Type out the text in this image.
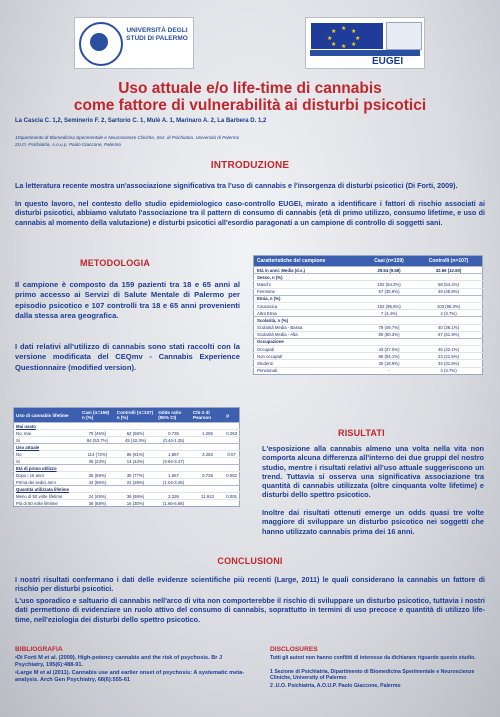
UNIVERSITÀ DEGLI STUDI DI PALERMO
★ ★
★
★
★
★
★
★
EUGEI
Uso attuale e/o life-time di cannabis
come fattore di vulnerabilità ai disturbi psicotici
La Cascia C. 1,2, Seminerio F. 2, Sartorio C. 1, Mulè A. 1, Marinaro A. 2, La Barbera D. 1,2
1Dipartimento di Biomedicina Sperimentale e Neuroscienze Cliniche, Sez. di Psichiatria, Università di Palermo
2U.O. Psichiatria, A.o.u.p. Paolo Giaccone, Palermo
INTRODUZIONE
La letteratura recente mostra un'associazione significativa tra l'uso di cannabis e l'insorgenza di disturbi psicotici (Di Forti, 2009).
In questo lavoro, nel contesto dello studio epidemiologico caso-controllo EUGEI, mirato a identificare i fattori di rischio associati ai disturbi psicotici, abbiamo valutato l'associazione tra il pattern di consumo di cannabis (età di primo utilizzo, consumo lifetime, e uso di cannabis al momento della valutazione) e disturbi psicotici all'esordio paragonati a un campione di controllo di soggetti sani.
METODOLOGIA
Il campione è composto da 159 pazienti tra 18 e 65 anni al primo accesso ai Servizi di Salute Mentale di Palermo per episodio psicotico e 107 controlli tra 18 e 65 anni provenienti dalla stessa area geografica.
I dati relativi all'utilizzo di cannabis sono stati raccolti con la versione modificata del CEQmv - Cannabis Experience Questionnaire (modified version).
Caratteristiche del campione	Casi (n=159)	Controlli (n=107)
Età in anni: Media (d.s.)	29.54 (9.58)	32.66 (12.60)
Sesso, n (%)		
Maschi	102 (64.2%)	58 (54.2%)
Femmine	57 (35.8%)	49 (45.8%)
Etnia, n (%)		
Caucasica	152 (95.6%)	103 (96.3%)
Altra Etnia	7 (4.4%)	4 (3.7%)
Scolarità, n (%)		
Scolarità Media - Bassa	79 (49.7%)	40 (38.1%)
Scolarità Media - Alta	80 (50.3%)	67 (61.9%)
Occupazione		
Occupati	43 (27.0%)	45 (42.1%)
Non occupati	86 (54.1%)	23 (21.5%)
Studenti	30 (18.9%)	34 (31.8%)
Pensionati	-	4 (3.7%)
Uso di cannabis lifetime	Casi (n=159) n (%)	Controlli (n=107) n (%)	Odds ratio (95% CI)	Chi-2 di Pearson	p
Mai usato					
No, mai	75 (46%)	62 (58%)	0.735	1.255	0.263
Si	84 (53.7%)	45 (42.3%)	(0.44-1.25)		
Uso attuale					
No	114 (72%)	86 (81%)	1.887	3.283	0.07
Si	36 (23%)	14 (13%)	(0.94-3.47)		
Età di primo utilizzo					
Dopo i 16 anni	35 (59%)	35 (77%)	1.667	0.729	0.062
Prima dei sedici anni	44 (56%)	22 (28%)	(1.04-3.45)		
Quantità utilizzata lifetime					
Meno di 50 volte lifetime	24 (49%)	36 (69%)	3.326	11.913	0.001
Più di 50 volte lifetime	36 (68%)	16 (30%)	(1.66-6.66)		
RISULTATI
L'esposizione alla cannabis almeno una volta nella vita non comporta alcuna differenza all'interno dei due gruppi del nostro studio, mentre i risultati relativi all'uso attuale suggeriscono un trend. Tuttavia si osserva una significativa associazione tra quantità di cannabis utilizzata (oltre cinquanta volte lifetime) e disturbi dello spettro psicotico.
Inoltre dai risultati ottenuti emerge un odds quasi tre volte maggiore di sviluppare un disturbo psicotico nei soggetti che hanno utilizzato cannabis prima dei 16 anni.
CONCLUSIONI
I nostri risultati confermano i dati delle evidenze scientifiche più recenti (Large, 2011) le quali considerano la cannabis un fattore di rischio per disturbi psicotici.
L'uso sporadico e saltuario di cannabis nell'arco di vita non comporterebbe il rischio di sviluppare un disturbo psicotico, tuttavia i nostri dati permettono di evidenziare un ruolo attivo del consumo di cannabis, soprattutto in termini di uso precoce e quantità di utilizzo life-time, nell'eziologia dei disturbi dello spettro psicotico.
BIBLIOGRAFIA
•Di Forti M et al. (2009). High-potency cannabis and the risk of psychosis. Br J Psychiatry, 195(6):488-91.
•Large M et al (2011). Cannabis use and earlier onset of psychosis: A systematic meta-analysis. Arch Gen Psychiatry, 68(6):555-61
DISCLOSURES
Tutti gli autori non hanno conflitti di interesse da dichiarare riguardo questo studio.
1 Sezione di Psichiatria, Dipartimento di Biomedicina Sperimentale e Neuroscienze Cliniche, University of Palermo
2 .U.O. Psichiatria, A.O.U.P. Paolo Giaccone, Palermo
